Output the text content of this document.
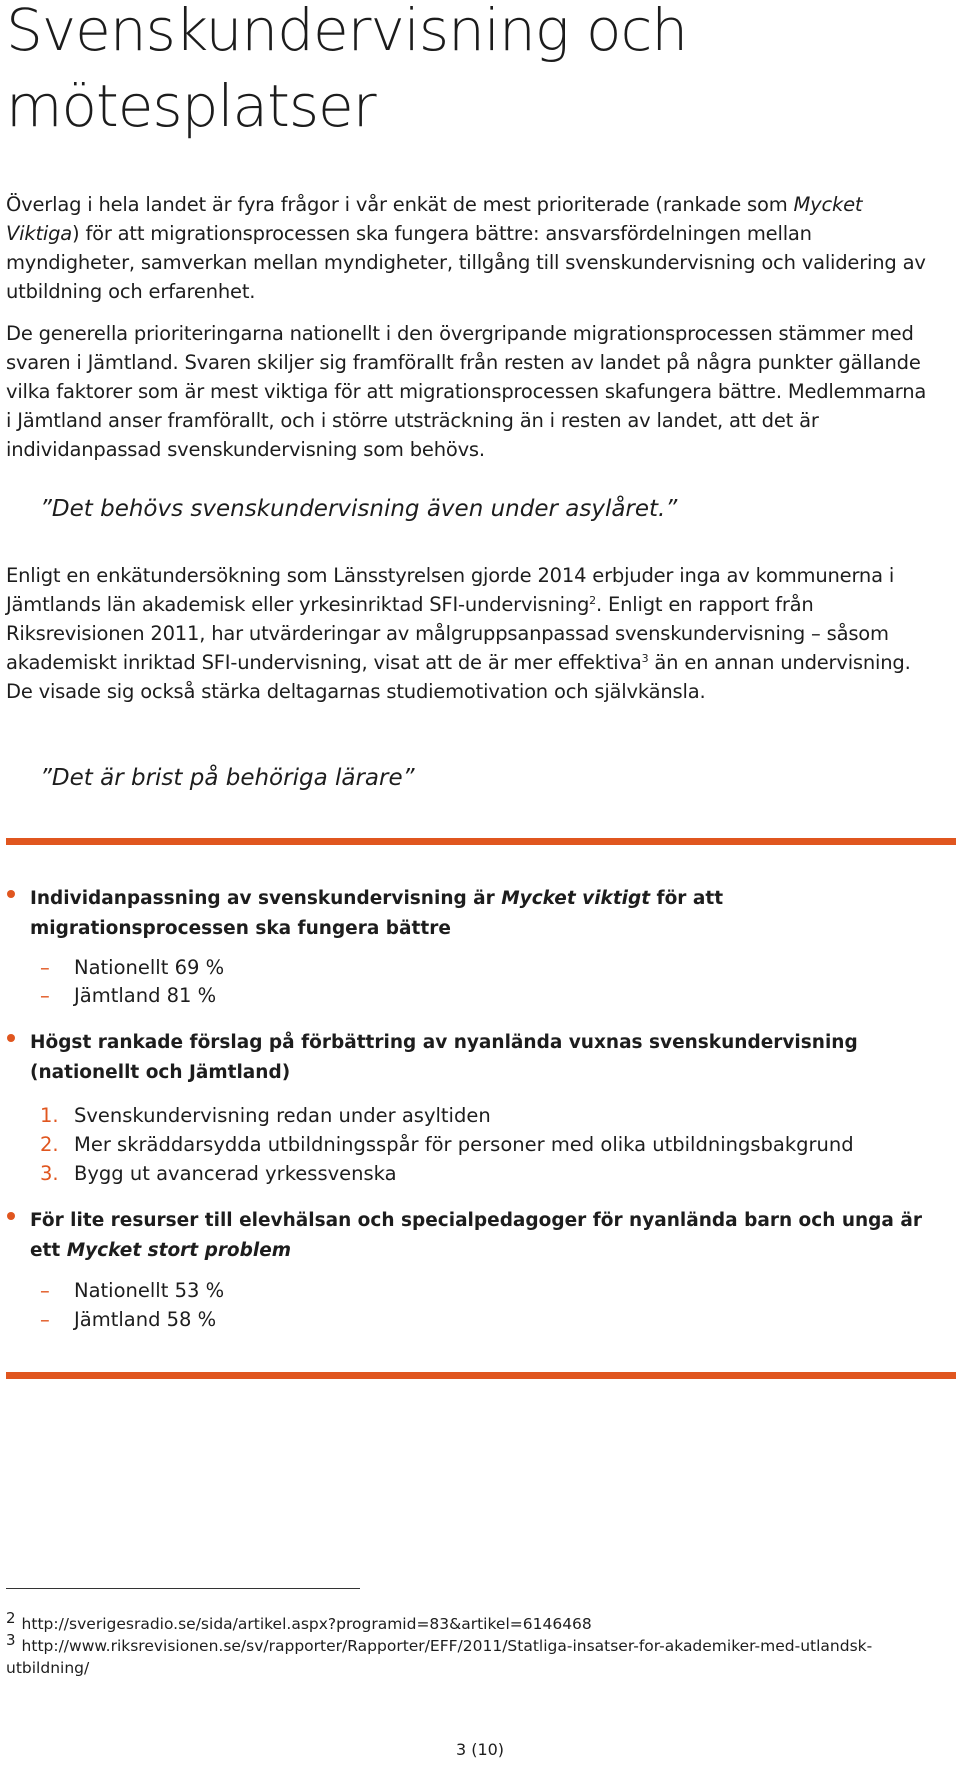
Svenskundervisning och
mötesplatser

Överlag i hela landet är fyra frågor i vår enkät de mest prioriterade (rankade som Mycket Viktiga) för att migrationsprocessen ska fungera bättre: ansvarsfördelningen mellan myndigheter, samverkan mellan myndigheter, tillgång till svenskundervisning och validering av utbildning och erfarenhet.

De generella prioriteringarna nationellt i den övergripande migrationsprocessen stämmer med svaren i Jämtland. Svaren skiljer sig framförallt från resten av landet på några punkter gällande vilka faktorer som är mest viktiga för att migrationsprocessen skafungera bättre. Medlemmarna i Jämtland anser framförallt, och i större utsträckning än i resten av landet, att det är individanpassad svenskundervisning som behövs.

”Det behövs svenskundervisning även under asylåret.”

Enligt en enkätundersökning som Länsstyrelsen gjorde 2014 erbjuder inga av kommunerna i Jämtlands län akademisk eller yrkesinriktad SFI-undervisning$^2$. Enligt en rapport från Riksrevisionen 2011, har utvärderingar av målgruppsanpassad svenskundervisning – såsom akademiskt inriktad SFI-undervisning, visat att de är mer effektiva$^3$ än en annan undervisning. De visade sig också stärka deltagarnas studiemotivation och självkänsla.

”Det är brist på behöriga lärare”

Individanpassning av svenskundervisning är Mycket viktigt för att migrationsprocessen ska fungera bättre

– Nationellt 69 %
– Jämtland 81 %

Högst rankade förslag på förbättring av nyanlända vuxnas svenskundervisning (nationellt och Jämtland)

1. Svenskundervisning redan under asyltiden
2. Mer skräddarsydda utbildningsspår för personer med olika utbildningsbakgrund
3. Bygg ut avancerad yrkessvenska

För lite resurser till elevhälsan och specialpedagoger för nyanlända barn och unga är ett Mycket stort problem

– Nationellt 53 %
– Jämtland 58 %

2 http://sverigesradio.se/sida/artikel.aspx?programid=83&artikel=6146468

3 http://www.riksrevisionen.se/sv/rapporter/Rapporter/EFF/2011/Statliga-insatser-for-akademiker-med-utlandsk-utbildning/

3 (10)
